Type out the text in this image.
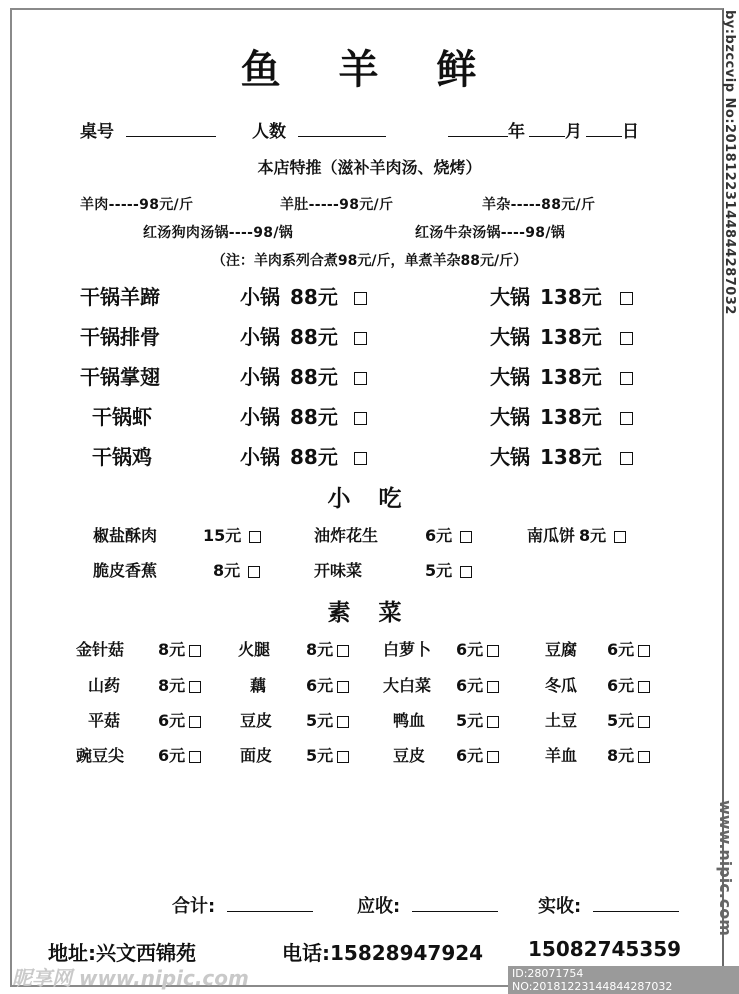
鱼 羊 鲜
桌号	人数	年 月 日
本店特推（滋补羊肉汤、烧烤）
羊肉-----98元/斤	羊肚-----98元/斤	羊杂-----88元/斤
红汤狗肉汤锅----98/锅	红汤牛杂汤锅----98/锅
（注：羊肉系列合煮98元/斤，单煮羊杂88元/斤）
干锅羊蹄	小锅 88元	大锅 138元
干锅排骨	小锅 88元	大锅 138元
干锅掌翅	小锅 88元	大锅 138元
干锅虾	小锅 88元	大锅 138元
干锅鸡	小锅 88元	大锅 138元
小 吃
椒盐酥肉	15元	油炸花生	6元	南瓜饼 8元
脆皮香蕉	8元	开味菜	5元
素 菜
金针菇 8元	火腿 8元	白萝卜 6元	豆腐 6元
山药 8元	藕 6元	大白菜 6元	冬瓜 6元
平菇 6元	豆皮 5元	鸭血 5元	土豆 5元
豌豆尖 6元	面皮 5元	豆皮 6元	羊血 8元
合计:	应收:	实收:
地址:兴文西锦苑	电话:15828947924 15082745359
by:bzccvip No:20181223144844287032
www.nipic.com
昵享网 www.nipic.com	ID:28071754 NO:20181223144844287032
